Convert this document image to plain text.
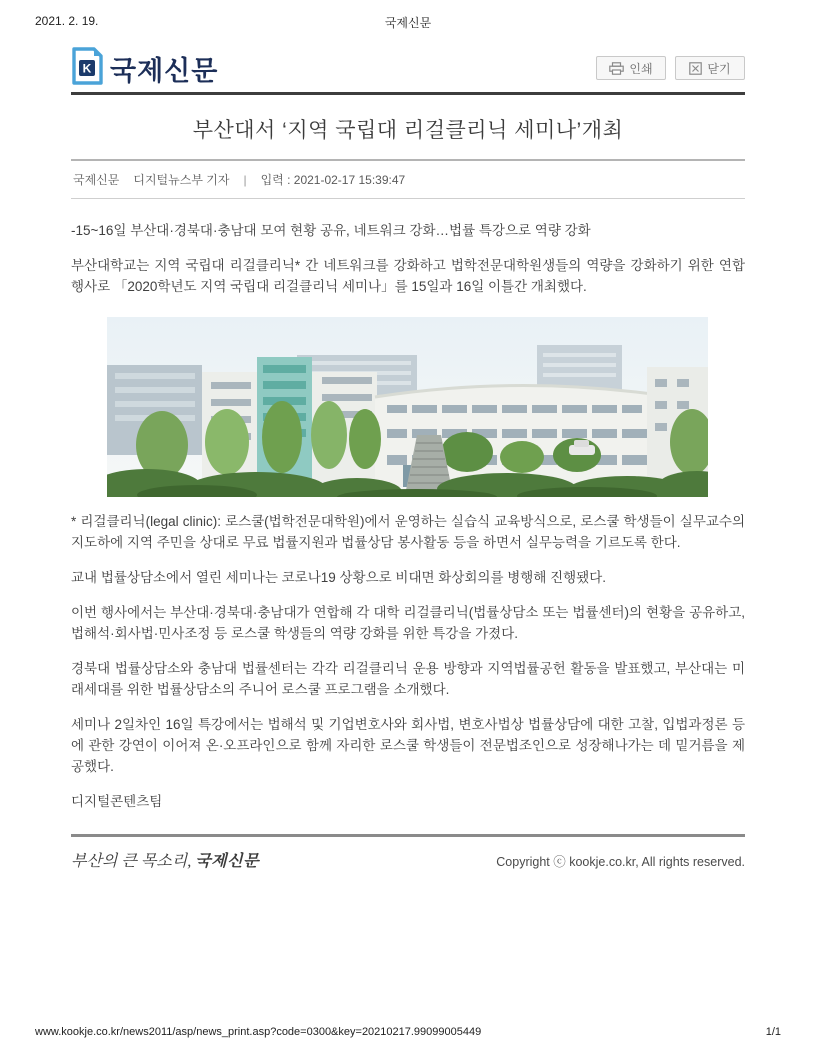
2021. 2. 19.	국제신문
K 국제신문	인쇄	닫기
부산대서 ‘지역 국립대 리걸클리닉 세미나’개최
국제신문 디지털뉴스부 기자 | 입력 : 2021-02-17 15:39:47

-15~16일 부산대·경북대·충남대 모여 현황 공유, 네트워크 강화…법률 특강으로 역량 강화

부산대학교는 지역 국립대 리걸클리닉* 간 네트워크를 강화하고 법학전문대학원생들의 역량을 강화하기 위한 연합 행사로 「2020학년도 지역 국립대 리걸클리닉 세미나」를 15일과 16일 이틀간 개최했다.

* 리걸클리닉(legal clinic): 로스쿨(법학전문대학원)에서 운영하는 실습식 교육방식으로, 로스쿨 학생들이 실무교수의 지도하에 지역 주민을 상대로 무료 법률지원과 법률상담 봉사활동 등을 하면서 실무능력을 기르도록 한다.

교내 법률상담소에서 열린 세미나는 코로나19 상황으로 비대면 화상회의를 병행해 진행됐다.

이번 행사에서는 부산대·경북대·충남대가 연합해 각 대학 리걸클리닉(법률상담소 또는 법률센터)의 현황을 공유하고, 법해석·회사법·민사조정 등 로스쿨 학생들의 역량 강화를 위한 특강을 가졌다.

경북대 법률상담소와 충남대 법률센터는 각각 리걸클리닉 운용 방향과 지역법률공헌 활동을 발표했고, 부산대는 미래세대를 위한 법률상담소의 주니어 로스쿨 프로그램을 소개했다.

세미나 2일차인 16일 특강에서는 법해석 및 기업변호사와 회사법, 변호사법상 법률상담에 대한 고찰, 입법과정론 등에 관한 강연이 이어져 온·오프라인으로 함께 자리한 로스쿨 학생들이 전문법조인으로 성장해나가는 데 밑거름을 제공했다.

디지털콘텐츠팀

부산의 큰 목소리, 국제신문	Copyright ⓒ kookje.co.kr, All rights reserved.
www.kookje.co.kr/news2011/asp/news_print.asp?code=0300&key=20210217.99099005449	1/1
